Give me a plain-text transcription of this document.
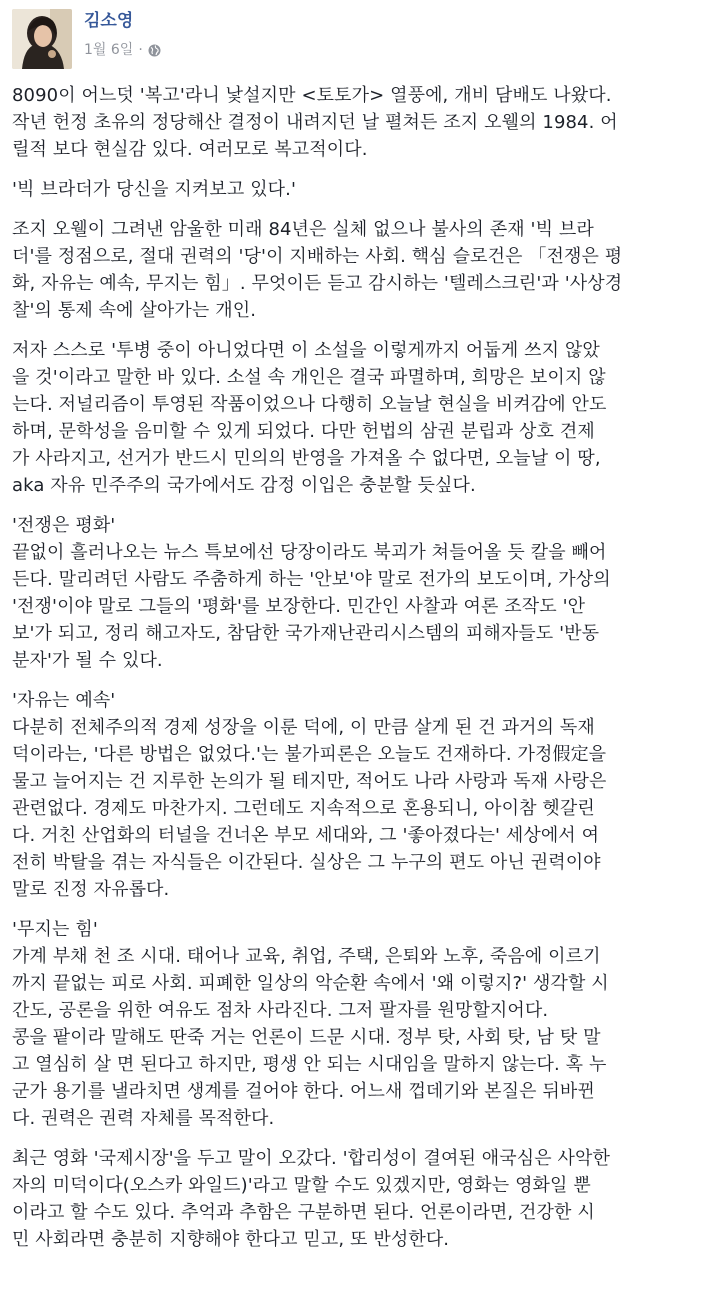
김소영
1월 6일 ·

8090이 어느덧 '복고'라니 낯설지만 <토토가> 열풍에, 개비 담배도 나왔다.
작년 헌정 초유의 정당해산 결정이 내려지던 날 펼쳐든 조지 오웰의 1984. 어
릴적 보다 현실감 있다. 여러모로 복고적이다.

'빅 브라더가 당신을 지켜보고 있다.'

조지 오웰이 그려낸 암울한 미래 84년은 실체 없으나 불사의 존재 '빅 브라
더'를 정점으로, 절대 권력의 '당'이 지배하는 사회. 핵심 슬로건은 「전쟁은 평
화, 자유는 예속, 무지는 힘」. 무엇이든 듣고 감시하는 '텔레스크린'과 '사상경
찰'의 통제 속에 살아가는 개인.

저자 스스로 '투병 중이 아니었다면 이 소설을 이렇게까지 어둡게 쓰지 않았
을 것'이라고 말한 바 있다. 소설 속 개인은 결국 파멸하며, 희망은 보이지 않
는다. 저널리즘이 투영된 작품이었으나 다행히 오늘날 현실을 비켜감에 안도
하며, 문학성을 음미할 수 있게 되었다. 다만 헌법의 삼권 분립과 상호 견제
가 사라지고, 선거가 반드시 민의의 반영을 가져올 수 없다면, 오늘날 이 땅,
aka 자유 민주주의 국가에서도 감정 이입은 충분할 듯싶다.

'전쟁은 평화'
끝없이 흘러나오는 뉴스 특보에선 당장이라도 북괴가 쳐들어올 듯 칼을 빼어
든다. 말리려던 사람도 주춤하게 하는 '안보'야 말로 전가의 보도이며, 가상의
'전쟁'이야 말로 그들의 '평화'를 보장한다. 민간인 사찰과 여론 조작도 '안
보'가 되고, 정리 해고자도, 참담한 국가재난관리시스템의 피해자들도 '반동
분자'가 될 수 있다.

'자유는 예속'
다분히 전체주의적 경제 성장을 이룬 덕에, 이 만큼 살게 된 건 과거의 독재
덕이라는, '다른 방법은 없었다.'는 불가피론은 오늘도 건재하다. 가정假定을
물고 늘어지는 건 지루한 논의가 될 테지만, 적어도 나라 사랑과 독재 사랑은
관련없다. 경제도 마찬가지. 그런데도 지속적으로 혼용되니, 아이참 헷갈린
다. 거친 산업화의 터널을 건너온 부모 세대와, 그 '좋아졌다는' 세상에서 여
전히 박탈을 겪는 자식들은 이간된다. 실상은 그 누구의 편도 아닌 권력이야
말로 진정 자유롭다.

'무지는 힘'
가계 부채 천 조 시대. 태어나 교육, 취업, 주택, 은퇴와 노후, 죽음에 이르기
까지 끝없는 피로 사회. 피폐한 일상의 악순환 속에서 '왜 이렇지?' 생각할 시
간도, 공론을 위한 여유도 점차 사라진다. 그저 팔자를 원망할지어다.
콩을 팥이라 말해도 딴죽 거는 언론이 드문 시대. 정부 탓, 사회 탓, 남 탓 말
고 열심히 살 면 된다고 하지만, 평생 안 되는 시대임을 말하지 않는다. 혹 누
군가 용기를 낼라치면 생계를 걸어야 한다. 어느새 껍데기와 본질은 뒤바뀐
다. 권력은 권력 자체를 목적한다.

최근 영화 '국제시장'을 두고 말이 오갔다. '합리성이 결여된 애국심은 사악한
자의 미덕이다(오스카 와일드)'라고 말할 수도 있겠지만, 영화는 영화일 뿐
이라고 할 수도 있다. 추억과 추함은 구분하면 된다. 언론이라면, 건강한 시
민 사회라면 충분히 지향해야 한다고 믿고, 또 반성한다.
